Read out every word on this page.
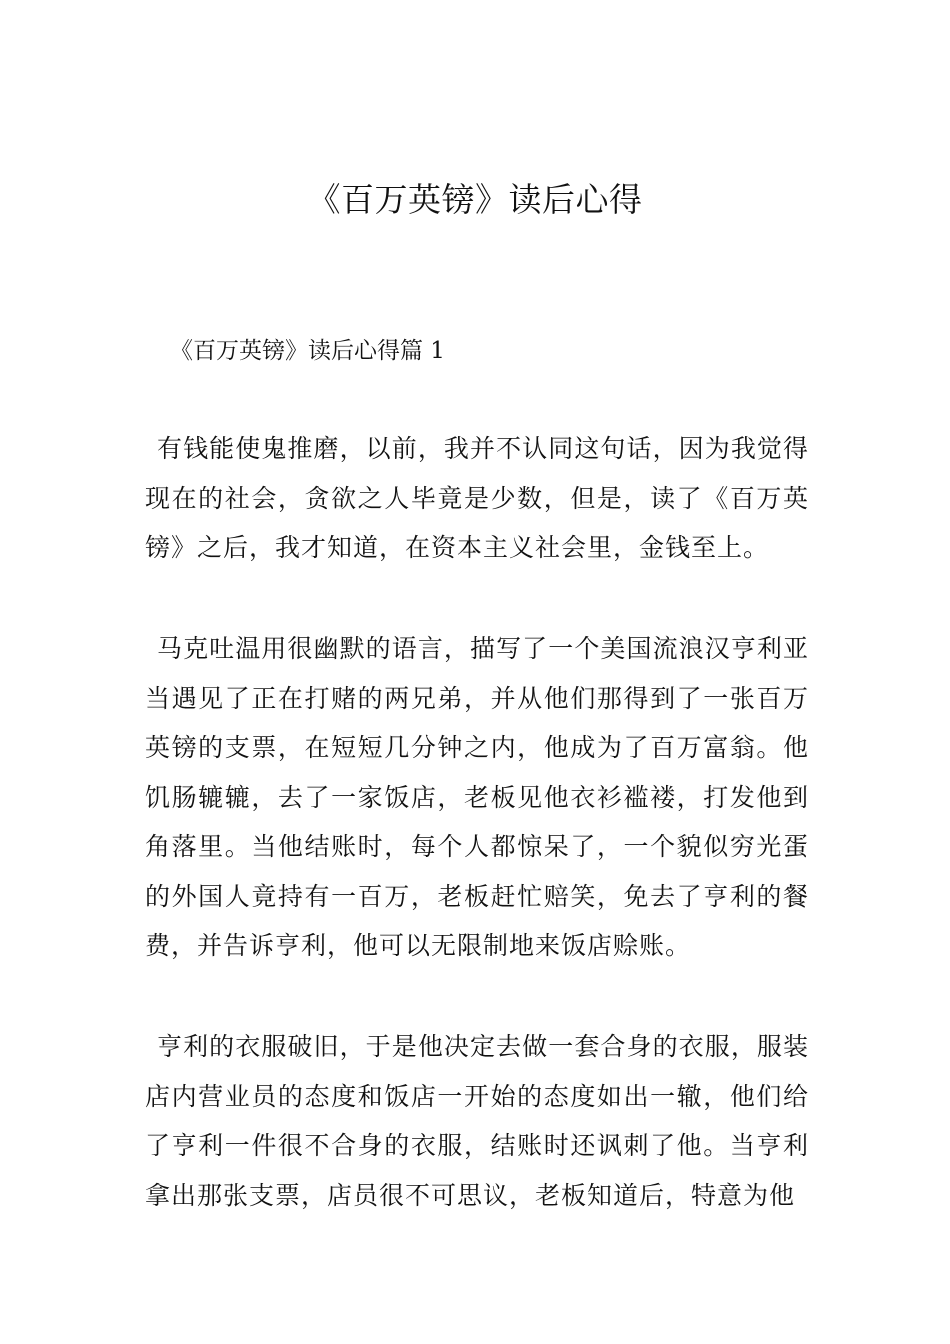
《百万英镑》读后心得
《百万英镑》读后心得篇 1

有钱能使鬼推磨，以前，我并不认同这句话，因为我觉得现在的社会，贪欲之人毕竟是少数，但是，读了《百万英镑》之后，我才知道，在资本主义社会里，金钱至上。

马克吐温用很幽默的语言，描写了一个美国流浪汉亨利亚当遇见了正在打赌的两兄弟，并从他们那得到了一张百万英镑的支票，在短短几分钟之内，他成为了百万富翁。他饥肠辘辘，去了一家饭店，老板见他衣衫褴褛，打发他到角落里。当他结账时，每个人都惊呆了，一个貌似穷光蛋的外国人竟持有一百万，老板赶忙赔笑，免去了亨利的餐费，并告诉亨利，他可以无限制地来饭店赊账。

亨利的衣服破旧，于是他决定去做一套合身的衣服，服装店内营业员的态度和饭店一开始的态度如出一辙，他们给了亨利一件很不合身的衣服，结账时还讽刺了他。当亨利拿出那张支票，店员很不可思议，老板知道后，特意为他
